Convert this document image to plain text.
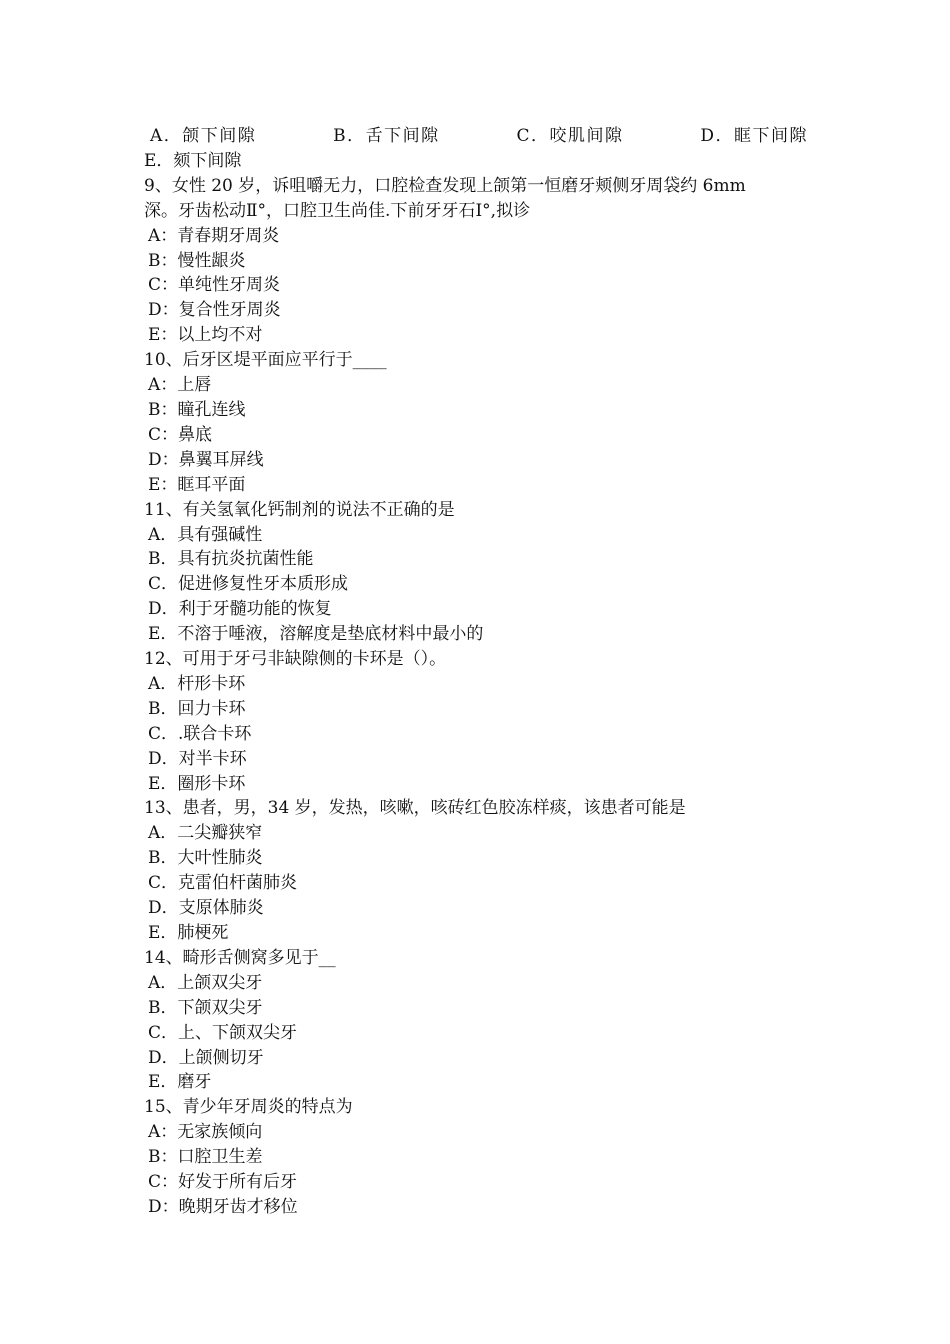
A．颌下间隙	B．舌下间隙	C．咬肌间隙	D．眶下间隙
E．颏下间隙
9、女性 20 岁，诉咀嚼无力，口腔检查发现上颌第一恒磨牙颊侧牙周袋约 6mm
深。牙齿松动Ⅱ°，口腔卫生尚佳.下前牙牙石Ⅰ°,拟诊
A：青春期牙周炎
B：慢性龈炎
C：单纯性牙周炎
D：复合性牙周炎
E：以上均不对
10、后牙区堤平面应平行于____
A：上唇
B：瞳孔连线
C：鼻底
D：鼻翼耳屏线
E：眶耳平面
11、有关氢氧化钙制剂的说法不正确的是
A．具有强碱性
B．具有抗炎抗菌性能
C．促进修复性牙本质形成
D．利于牙髓功能的恢复
E．不溶于唾液，溶解度是垫底材料中最小的
12、可用于牙弓非缺隙侧的卡环是（）。
A．杆形卡环
B．回力卡环
C．.联合卡环
D．对半卡环
E．圈形卡环
13、患者，男，34 岁，发热，咳嗽，咳砖红色胶冻样痰，该患者可能是
A．二尖瓣狭窄
B．大叶性肺炎
C．克雷伯杆菌肺炎
D．支原体肺炎
E．肺梗死
14、畸形舌侧窝多见于__
A．上颌双尖牙
B．下颌双尖牙
C．上、下颌双尖牙
D．上颌侧切牙
E．磨牙
15、青少年牙周炎的特点为
A：无家族倾向
B：口腔卫生差
C：好发于所有后牙
D：晚期牙齿才移位
